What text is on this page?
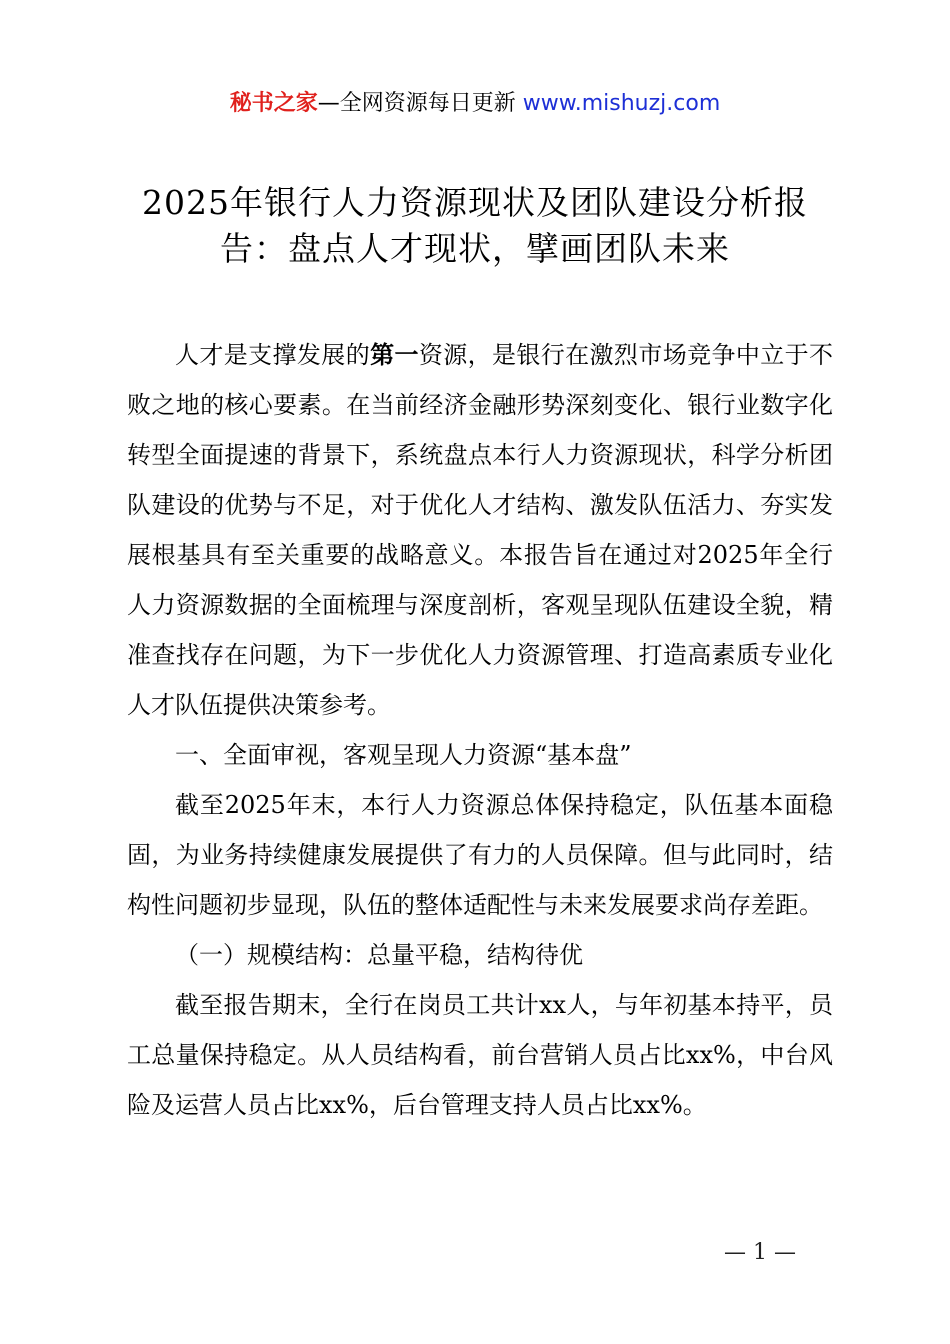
秘书之家—全网资源每日更新 www.mishuzj.com
2025年银行人力资源现状及团队建设分析报
告：盘点人才现状，擘画团队未来

人才是支撑发展的第一资源，是银行在激烈市场竞争中立于不败之地的核心要素。在当前经济金融形势深刻变化、银行业数字化转型全面提速的背景下，系统盘点本行人力资源现状，科学分析团队建设的优势与不足，对于优化人才结构、激发队伍活力、夯实发展根基具有至关重要的战略意义。本报告旨在通过对2025年全行人力资源数据的全面梳理与深度剖析，客观呈现队伍建设全貌，精准查找存在问题，为下一步优化人力资源管理、打造高素质专业化人才队伍提供决策参考。

一、全面审视，客观呈现人力资源“基本盘”

截至2025年末，本行人力资源总体保持稳定，队伍基本面稳固，为业务持续健康发展提供了有力的人员保障。但与此同时，结构性问题初步显现，队伍的整体适配性与未来发展要求尚存差距。

（一）规模结构：总量平稳，结构待优

截至报告期末，全行在岗员工共计xx人，与年初基本持平，员工总量保持稳定。从人员结构看，前台营销人员占比xx%，中台风险及运营人员占比xx%，后台管理支持人员占比xx%。

— 1 —
